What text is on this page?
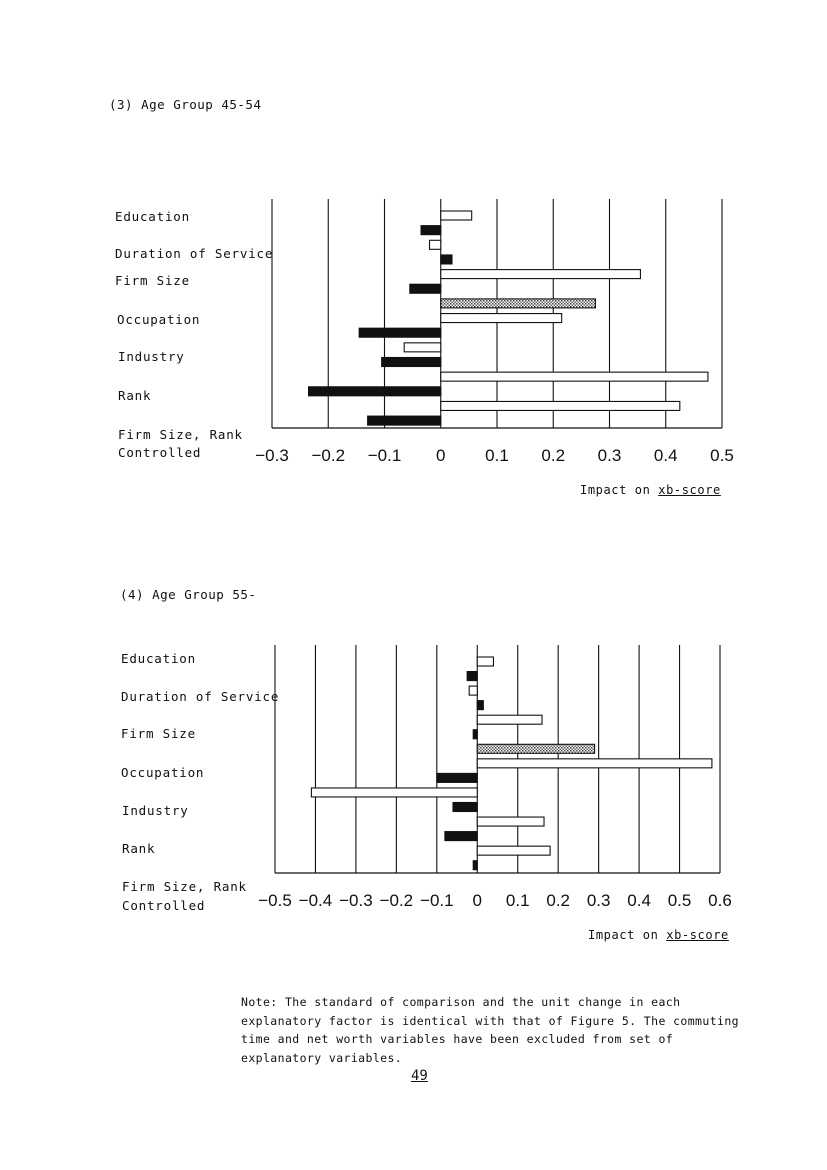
(3) Age Group 45-54
Education
Duration of Service
Firm Size
Occupation
Industry
Rank
Firm Size, Rank
Controlled	−0.3 −0.2 −0.1 0 0.1 0.2 0.3 0.4 0.5
Impact on xb-score
(4) Age Group 55-
Education
Duration of Service
Firm Size
Occupation
Industry
Rank
Firm Size, Rank
Controlled	−0.5 −0.4 −0.3 −0.2 −0.1 0 0.1 0.2 0.3 0.4 0.5 0.6
Impact on xb-score
Note: The standard of comparison and the unit change in each explanatory factor is identical with that of Figure 5. The commuting time and net worth variables have been excluded from set of explanatory variables.
49
